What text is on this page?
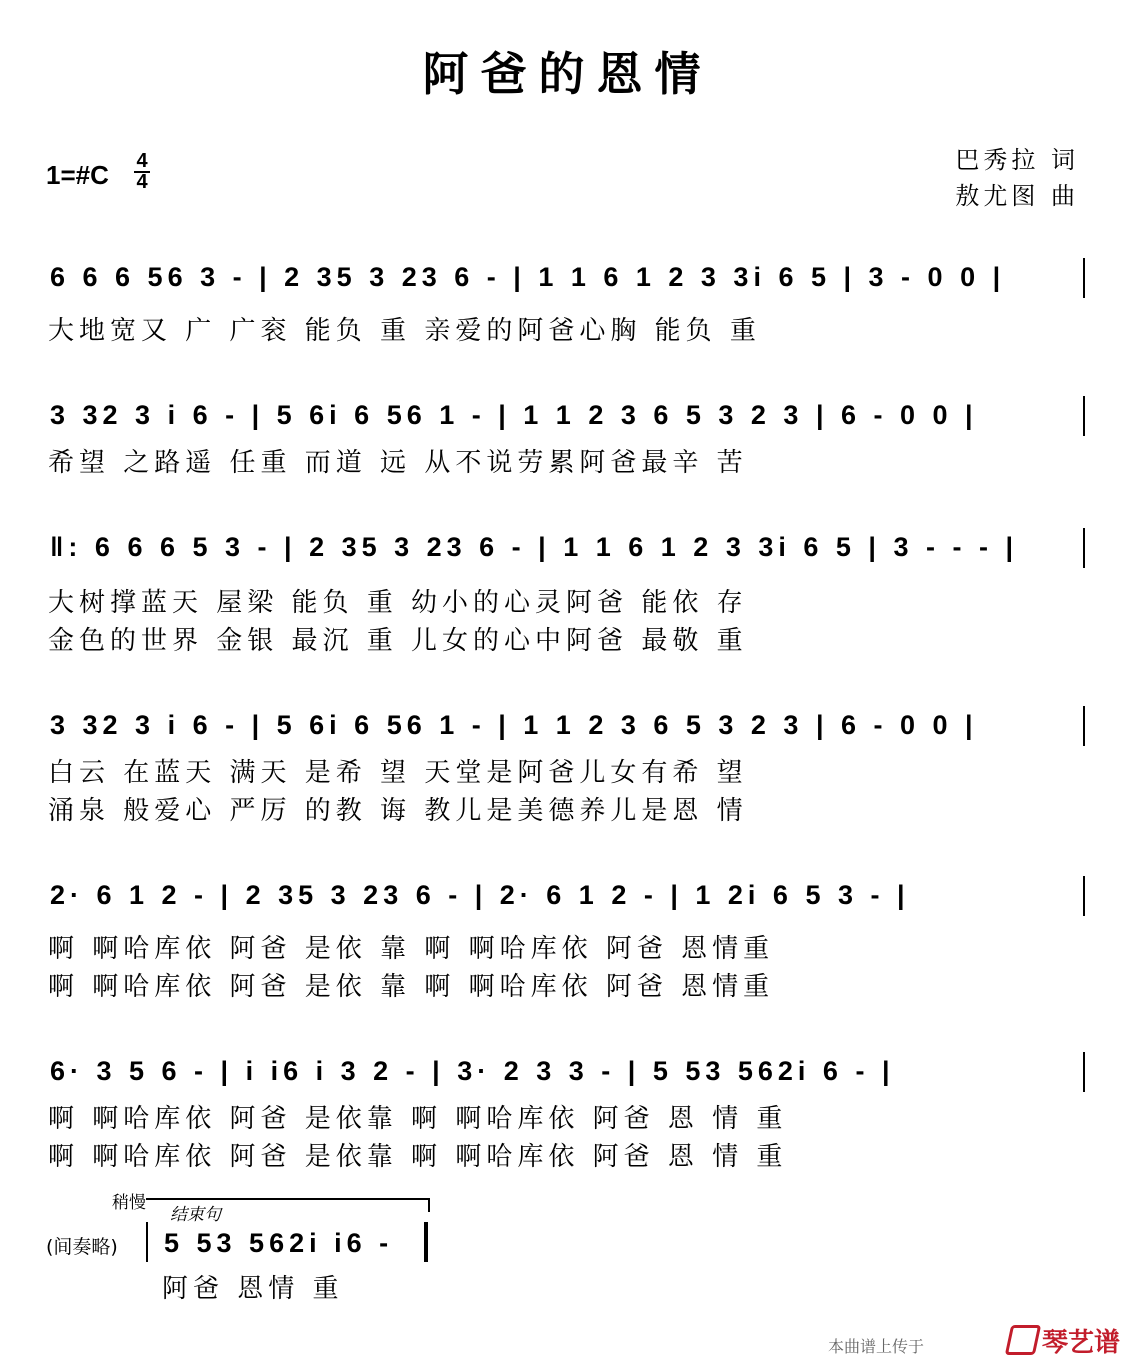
阿爸的恩情
1=#C 4
4
巴秀拉 词
敖尤图 曲
6 6 6 56 3 - | 2 35 3 23 6 - | 1 1 6 1 2 3 3i 6 5 | 3 - 0 0 |
大地宽又 广 广衮 能负 重 亲爱的阿爸心胸 能负 重
3 32 3 i 6 - | 5 6i 6 56 1 - | 1 1 2 3 6 5 3 2 3 | 6 - 0 0 |
希望 之路遥 任重 而道 远 从不说劳累阿爸最辛 苦
‖: 6 6 6 5 3 - | 2 35 3 23 6 - | 1 1 6 1 2 3 3i 6 5 | 3 - - - |
大树撑蓝天 屋梁 能负 重 幼小的心灵阿爸 能依 存
金色的世界 金银 最沉 重 儿女的心中阿爸 最敬 重
3 32 3 i 6 - | 5 6i 6 56 1 - | 1 1 2 3 6 5 3 2 3 | 6 - 0 0 |
白云 在蓝天 满天 是希 望 天堂是阿爸儿女有希 望
涌泉 般爱心 严厉 的教 诲 教儿是美德养儿是恩 情
2· 6 1 2 - | 2 35 3 23 6 - | 2· 6 1 2 - | 1 2i 6 5 3 - |
啊 啊哈库依 阿爸 是依 靠 啊 啊哈库依 阿爸 恩情重
啊 啊哈库依 阿爸 是依 靠 啊 啊哈库依 阿爸 恩情重
6· 3 5 6 - | i i6 i 3 2 - | 3· 2 3 3 - | 5 53 562i 6 - |
啊 啊哈库依 阿爸 是依靠 啊 啊哈库依 阿爸 恩 情 重
啊 啊哈库依 阿爸 是依靠 啊 啊哈库依 阿爸 恩 情 重
稍慢
结束句
(间奏略) 5 53 562i i6 -
阿爸 恩情 重
本曲谱上传于	琴艺谱
